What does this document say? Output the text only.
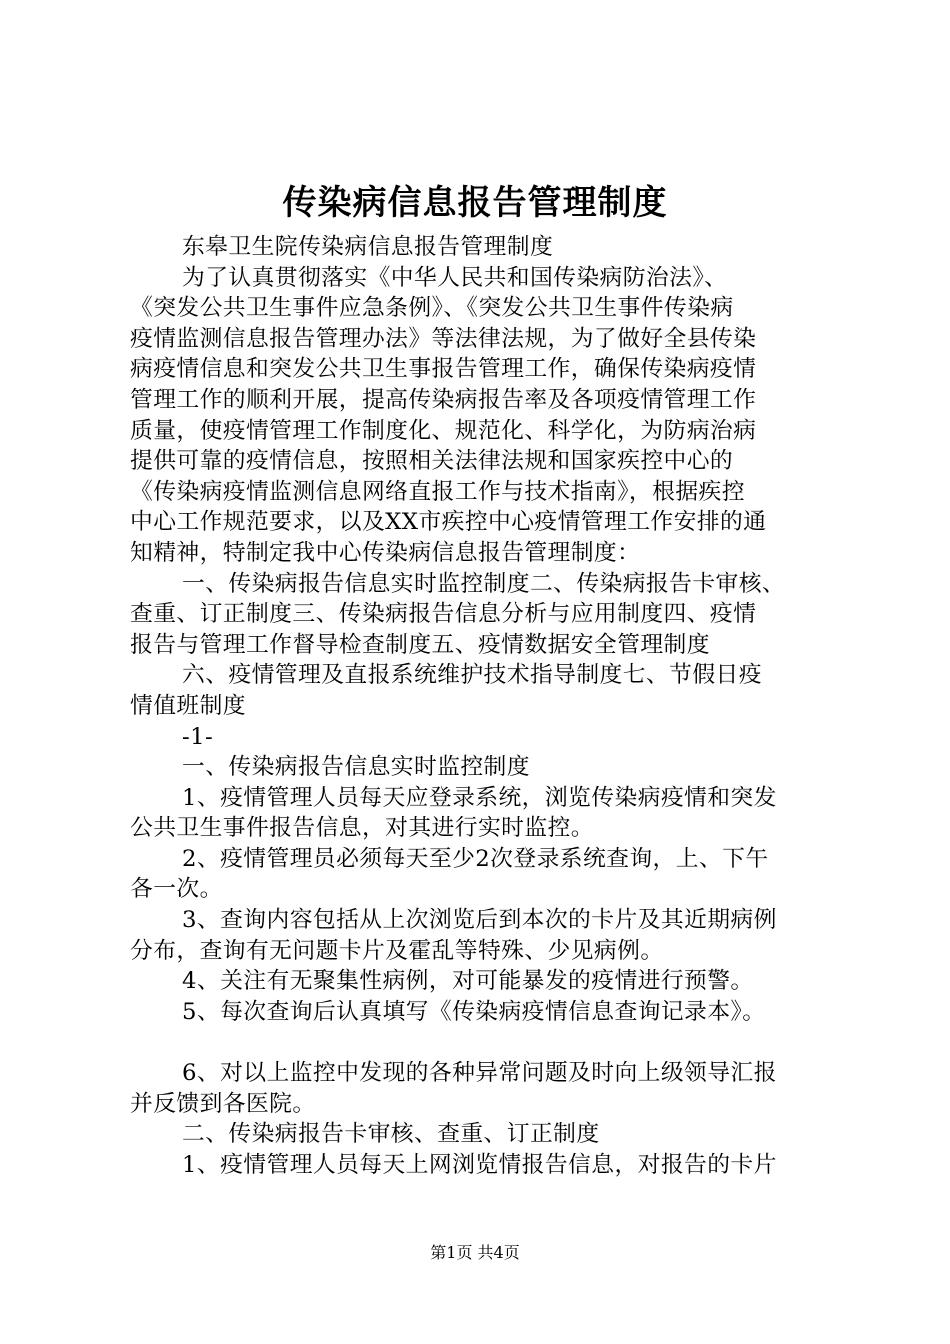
传染病信息报告管理制度
东皋卫生院传染病信息报告管理制度
为了认真贯彻落实《中华人民共和国传染病防治法》、
《突发公共卫生事件应急条例》、《突发公共卫生事件传染病
疫情监测信息报告管理办法》等法律法规，为了做好全县传染
病疫情信息和突发公共卫生事报告管理工作，确保传染病疫情
管理工作的顺利开展，提高传染病报告率及各项疫情管理工作
质量，使疫情管理工作制度化、规范化、科学化，为防病治病
提供可靠的疫情信息，按照相关法律法规和国家疾控中心的
《传染病疫情监测信息网络直报工作与技术指南》，根据疾控
中心工作规范要求，以及XX市疾控中心疫情管理工作安排的通
知精神，特制定我中心传染病信息报告管理制度：
一、传染病报告信息实时监控制度二、传染病报告卡审核、
查重、订正制度三、传染病报告信息分析与应用制度四、疫情
报告与管理工作督导检查制度五、疫情数据安全管理制度
六、疫情管理及直报系统维护技术指导制度七、节假日疫
情值班制度
-1-
一、传染病报告信息实时监控制度
1、疫情管理人员每天应登录系统，浏览传染病疫情和突发
公共卫生事件报告信息，对其进行实时监控。
2、疫情管理员必须每天至少2次登录系统查询，上、下午
各一次。
3、查询内容包括从上次浏览后到本次的卡片及其近期病例
分布，查询有无问题卡片及霍乱等特殊、少见病例。
4、关注有无聚集性病例，对可能暴发的疫情进行预警。
5、每次查询后认真填写《传染病疫情信息查询记录本》。
6、对以上监控中发现的各种异常问题及时向上级领导汇报
并反馈到各医院。
二、传染病报告卡审核、查重、订正制度
1、疫情管理人员每天上网浏览情报告信息，对报告的卡片
第1页 共4页
